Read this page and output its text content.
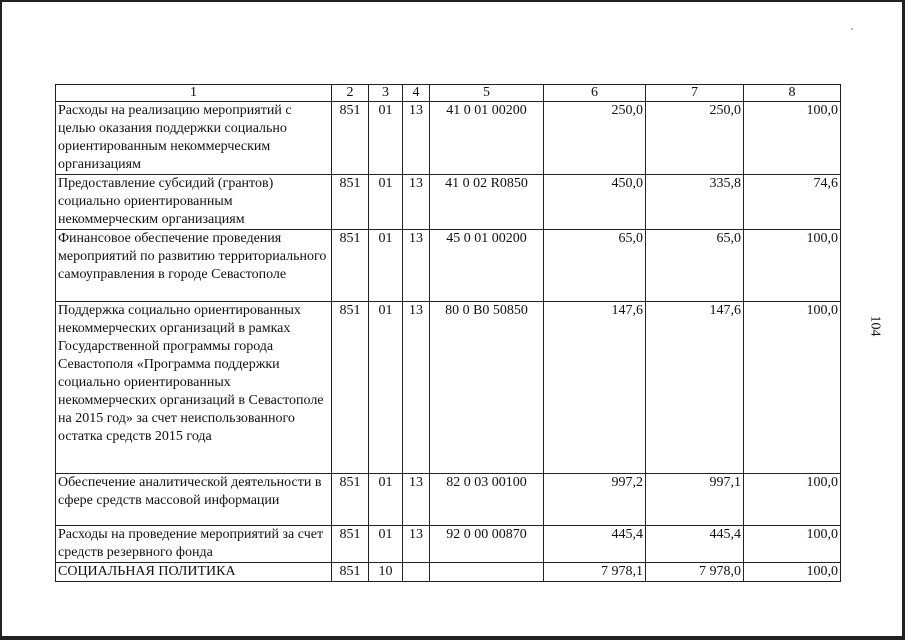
1	2	3	4	5	6	7	8
Расходы на реализацию мероприятий с целью оказания поддержки социально ориентированным некоммерческим организациям	851	01	13	41 0 01 00200	250,0	250,0	100,0
Предоставление субсидий (грантов) социально ориентированным некоммерческим организациям	851	01	13	41 0 02 R0850	450,0	335,8	74,6
Финансовое обеспечение проведения мероприятий по развитию территориального самоуправления в городе Севастополе	851	01	13	45 0 01 00200	65,0	65,0	100,0
Поддержка социально ориентированных некоммерческих организаций в рамках Государственной программы города Севастополя «Программа поддержки социально ориентированных некоммерческих организаций в Севастополе на 2015 год» за счет неиспользованного остатка средств 2015 года	851	01	13	80 0 В0 50850	147,6	147,6	100,0
Обеспечение аналитической деятельности в сфере средств массовой информации	851	01	13	82 0 03 00100	997,2	997,1	100,0
Расходы на проведение мероприятий за счет средств резервного фонда	851	01	13	92 0 00 00870	445,4	445,4	100,0
СОЦИАЛЬНАЯ ПОЛИТИКА	851	10			7 978,1	7 978,0	100,0
104
